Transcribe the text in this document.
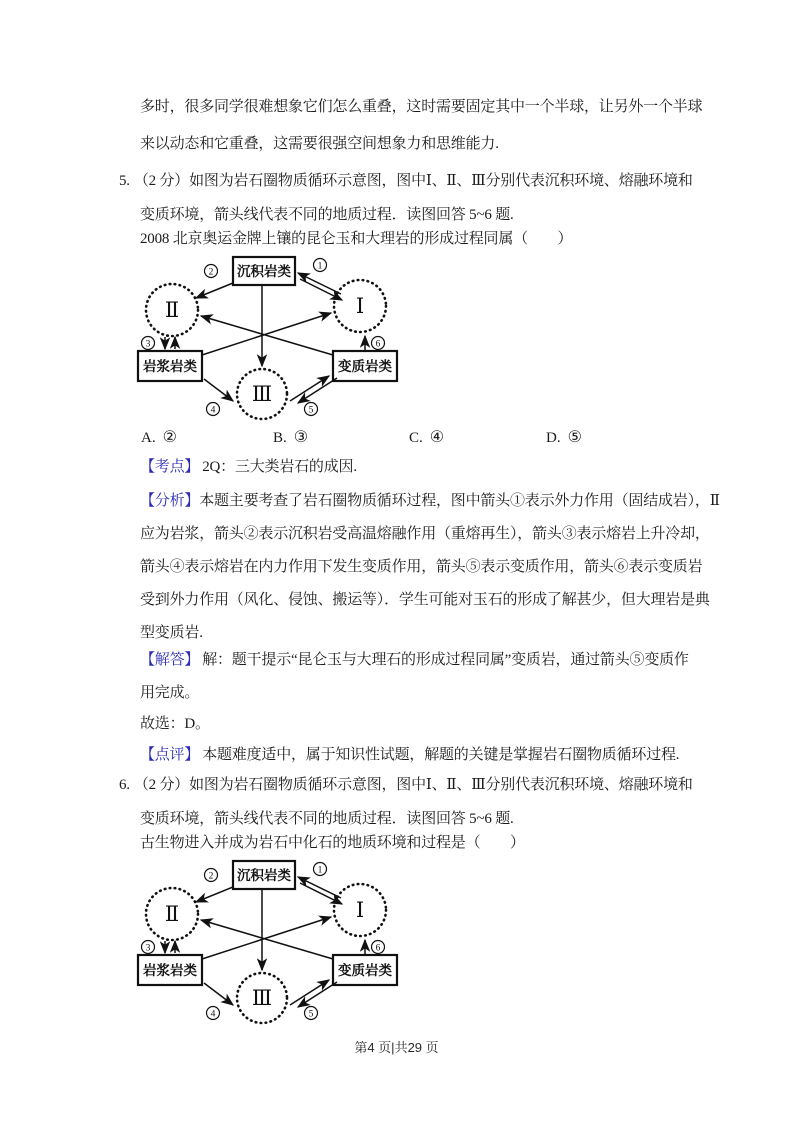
多时，很多同学很难想象它们怎么重叠，这时需要固定其中一个半球，让另外一个半球
来以动态和它重叠，这需要很强空间想象力和思维能力.
5. （2 分）如图为岩石圈物质循环示意图，图中Ⅰ、Ⅱ、Ⅲ分别代表沉积环境、熔融环境和
变质环境，箭头线代表不同的地质过程．读图回答 5~6 题.
2008 北京奥运金牌上镶的昆仑玉和大理岩的形成过程同属（　　）
沉积岩类
岩浆岩类	变质岩类
Ⅰ
Ⅱ
Ⅲ
1
2
3
4	5
6
A. ②	B. ③	C. ④	D. ⑤
【考点】 2Q：三大类岩石的成因.
【分析】本题主要考查了岩石圈物质循环过程，图中箭头①表示外力作用（固结成岩），Ⅱ
应为岩浆，箭头②表示沉积岩受高温熔融作用（重熔再生），箭头③表示熔岩上升冷却，
箭头④表示熔岩在内力作用下发生变质作用，箭头⑤表示变质作用，箭头⑥表示变质岩
受到外力作用（风化、侵蚀、搬运等）．学生可能对玉石的形成了解甚少，但大理岩是典
型变质岩.
【解答】 解：题干提示“昆仑玉与大理石的形成过程同属”变质岩，通过箭头⑤变质作
用完成。
故选：D。
【点评】 本题难度适中，属于知识性试题，解题的关键是掌握岩石圈物质循环过程.
6. （2 分）如图为岩石圈物质循环示意图，图中Ⅰ、Ⅱ、Ⅲ分别代表沉积环境、熔融环境和
变质环境，箭头线代表不同的地质过程．读图回答 5~6 题.
古生物进入并成为岩石中化石的地质环境和过程是（　　）
沉积岩类
岩浆岩类	变质岩类
Ⅰ
Ⅱ
Ⅲ
1
2
3
4	5
6
第4 页|共29 页
